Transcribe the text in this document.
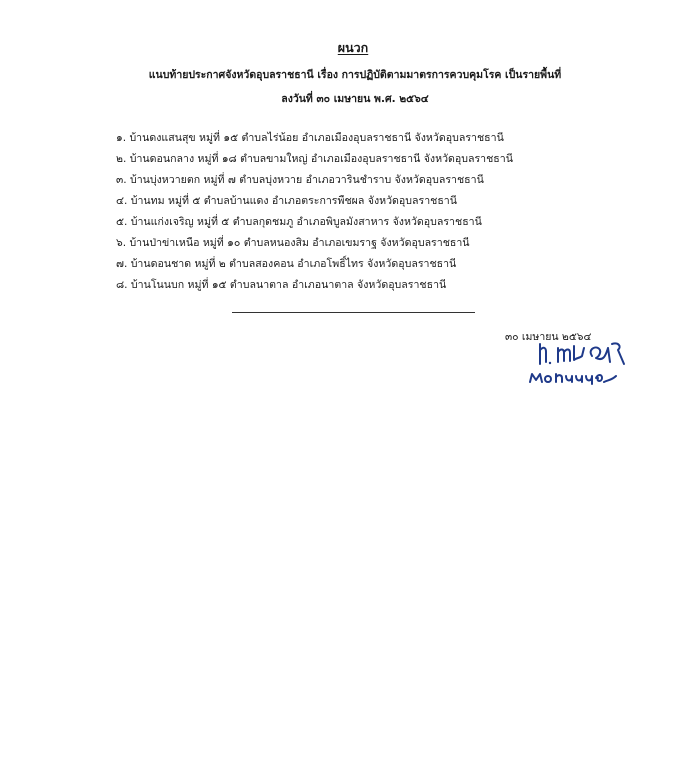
ผนวก
แนบท้ายประกาศจังหวัดอุบลราชธานี เรื่อง การปฏิบัติตามมาตรการควบคุมโรค เป็นรายพื้นที่
ลงวันที่ ๓๐ เมษายน พ.ศ. ๒๕๖๔
๑. บ้านดงแสนสุข หมู่ที่ ๑๕ ตำบลไร่น้อย อำเภอเมืองอุบลราชธานี จังหวัดอุบลราชธานี
๒. บ้านดอนกลาง หมู่ที่ ๑๘ ตำบลขามใหญ่ อำเภอเมืองอุบลราชธานี จังหวัดอุบลราชธานี
๓. บ้านบุ่งหวายตก หมู่ที่ ๗ ตำบลบุ่งหวาย อำเภอวารินชำราบ จังหวัดอุบลราชธานี
๔. บ้านทม หมู่ที่ ๕ ตำบลบ้านแดง อำเภอตระการพืชผล จังหวัดอุบลราชธานี
๕. บ้านแก่งเจริญ หมู่ที่ ๕ ตำบลกุดชมภู อำเภอพิบูลมังสาหาร จังหวัดอุบลราชธานี
๖. บ้านป่าข่าเหนือ หมู่ที่ ๑๐ ตำบลหนองสิม อำเภอเขมราฐ จังหวัดอุบลราชธานี
๗. บ้านดอนชาด หมู่ที่ ๒ ตำบลสองคอน อำเภอโพธิ์ไทร จังหวัดอุบลราชธานี
๘. บ้านโนนบก หมู่ที่ ๑๕ ตำบลนาตาล อำเภอนาตาล จังหวัดอุบลราชธานี
๓๐ เมษายน ๒๕๖๔
